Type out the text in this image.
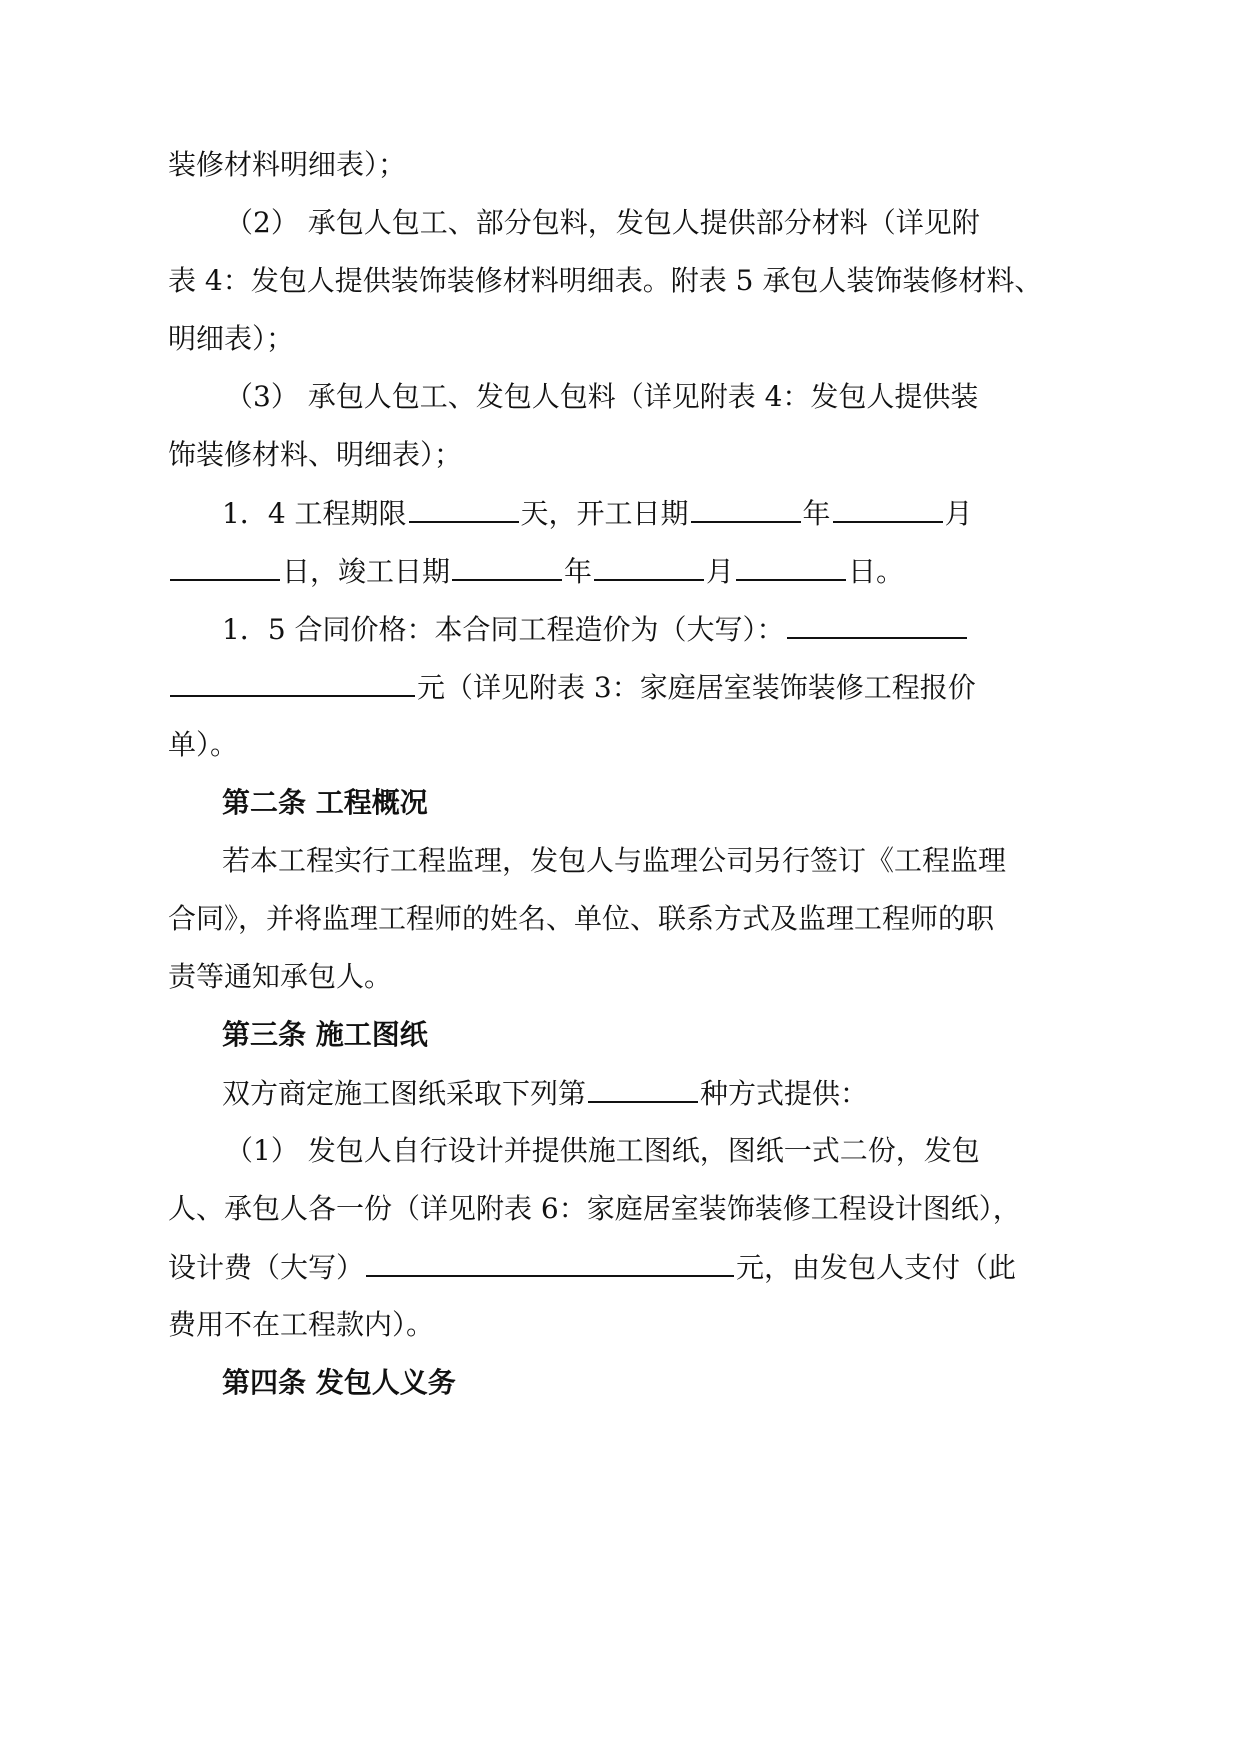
装修材料明细表）；
（2） 承包人包工、部分包料，发包人提供部分材料（详见附
表 4：发包人提供装饰装修材料明细表。附表 5 承包人装饰装修材料、
明细表）；
（3） 承包人包工、发包人包料（详见附表 4：发包人提供装
饰装修材料、明细表）；
1．4 工程期限	天，开工日期	年	月
日，竣工日期	年	月	日。
1．5 合同价格：本合同工程造价为（大写）：
元（详见附表 3：家庭居室装饰装修工程报价
单）。
第二条 工程概况
若本工程实行工程监理，发包人与监理公司另行签订《工程监理
合同》，并将监理工程师的姓名、单位、联系方式及监理工程师的职
责等通知承包人。
第三条 施工图纸
双方商定施工图纸采取下列第	种方式提供：
（1） 发包人自行设计并提供施工图纸，图纸一式二份，发包
人、承包人各一份（详见附表 6：家庭居室装饰装修工程设计图纸），
设计费（大写）	元，由发包人支付（此
费用不在工程款内）。
第四条 发包人义务
